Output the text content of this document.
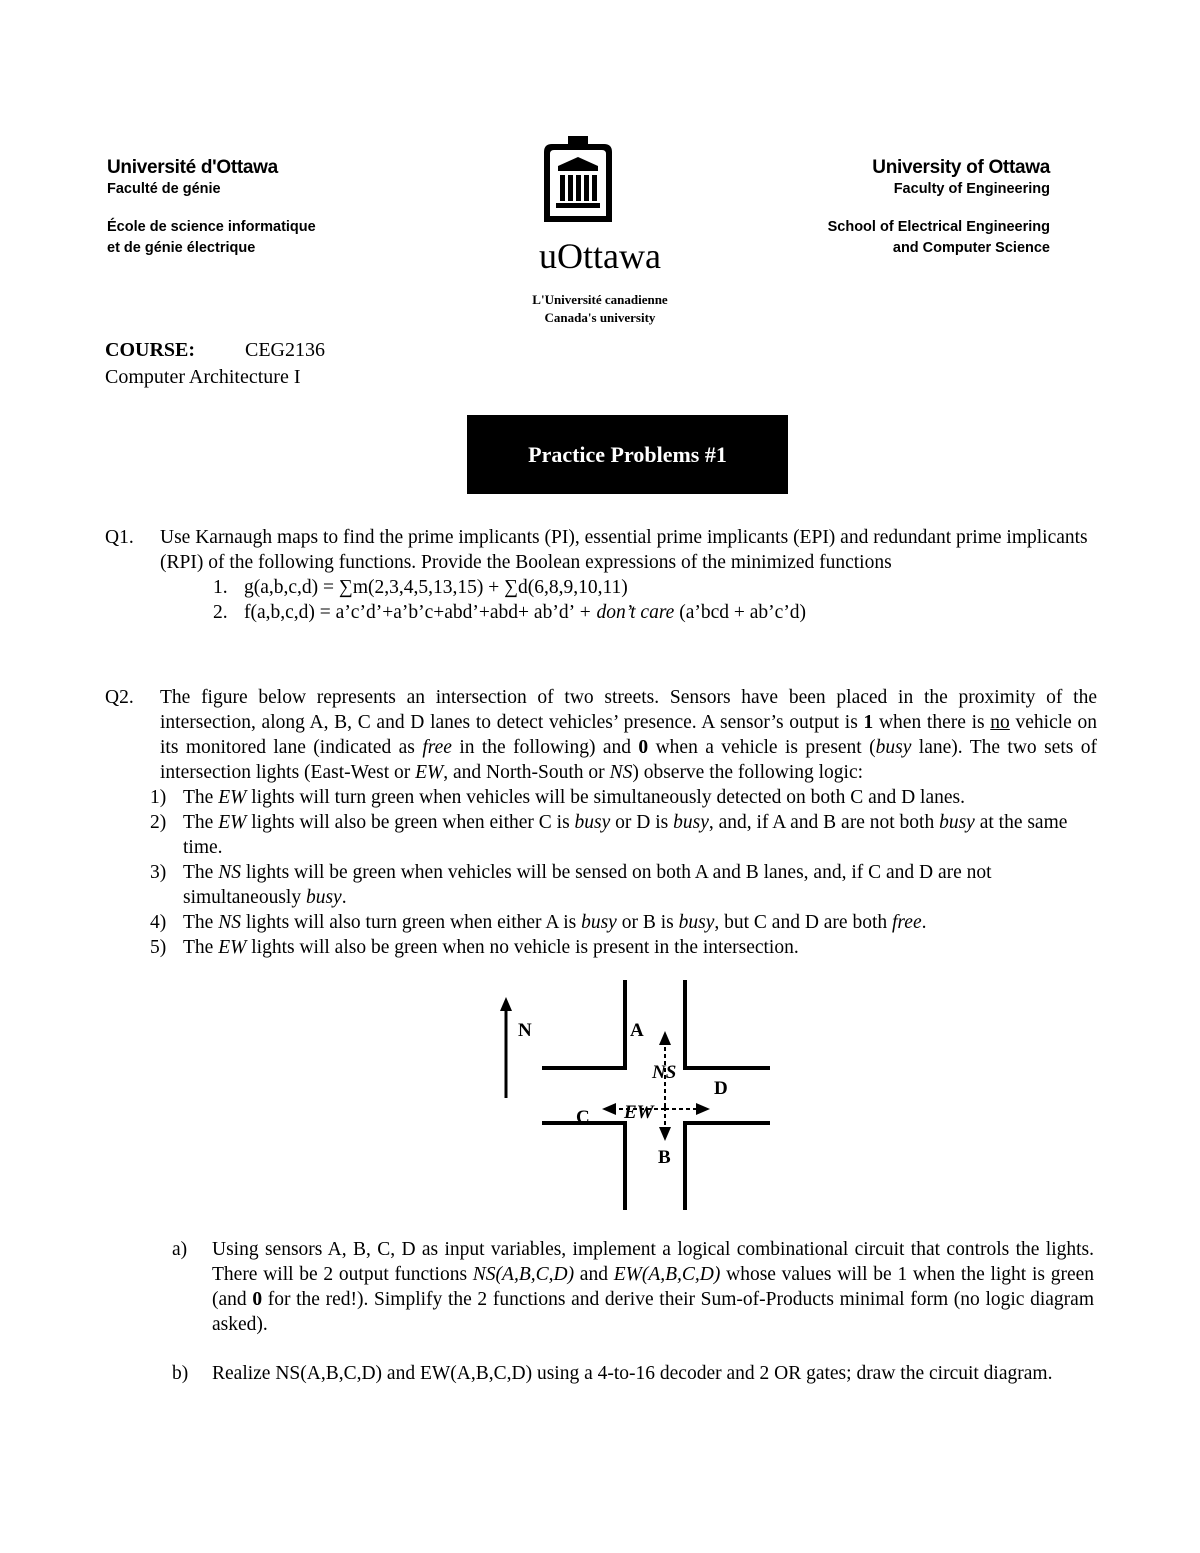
Université d'Ottawa
Faculté de génie
École de science informatique
et de génie électrique
University of Ottawa
Faculty of Engineering
School of Electrical Engineering
and Computer Science
uOttawa
L'Université canadienne
Canada's university
COURSE: CEG2136
Computer Architecture I
Practice Problems #1
Q1. Use Karnaugh maps to find the prime implicants (PI), essential prime implicants (EPI) and redundant prime implicants (RPI) of the following functions. Provide the Boolean expressions of the minimized functions
1. g(a,b,c,d) = ∑m(2,3,4,5,13,15) + ∑d(6,8,9,10,11)
2. f(a,b,c,d) = a’c’d’+a’b’c+abd’+abd+ ab’d’ + don’t care (a’bcd + ab’c’d)
Q2. The figure below represents an intersection of two streets. Sensors have been placed in the proximity of the intersection, along A, B, C and D lanes to detect vehicles’ presence. A sensor’s output is 1 when there is no vehicle on its monitored lane (indicated as free in the following) and 0 when a vehicle is present (busy lane). The two sets of intersection lights (East-West or EW, and North-South or NS) observe the following logic:
1) The EW lights will turn green when vehicles will be simultaneously detected on both C and D lanes.
2) The EW lights will also be green when either C is busy or D is busy, and, if A and B are not both busy at the same time.
3) The NS lights will be green when vehicles will be sensed on both A and B lanes, and, if C and D are not simultaneously busy.
4) The NS lights will also turn green when either A is busy or B is busy, but C and D are both free.
5) The EW lights will also be green when no vehicle is present in the intersection.
N	A
NS
D
C EW
B
a) Using sensors A, B, C, D as input variables, implement a logical combinational circuit that controls the lights. There will be 2 output functions NS(A,B,C,D) and EW(A,B,C,D) whose values will be 1 when the light is green (and 0 for the red!). Simplify the 2 functions and derive their Sum-of-Products minimal form (no logic diagram asked).
b) Realize NS(A,B,C,D) and EW(A,B,C,D) using a 4-to-16 decoder and 2 OR gates; draw the circuit diagram.
